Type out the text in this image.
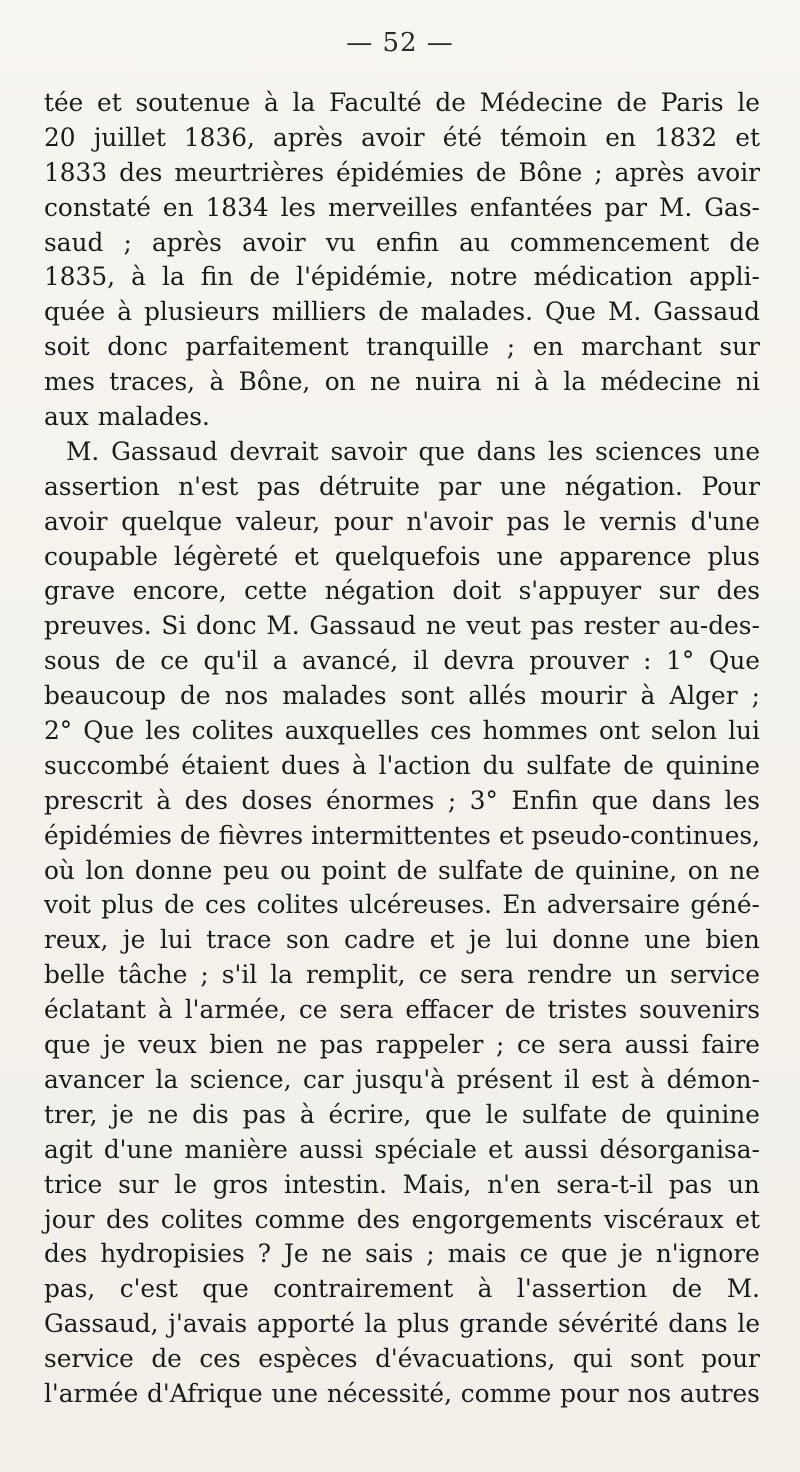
— 52 —
tée et soutenue à la Faculté de Médecine de Paris le
20 juillet 1836, après avoir été témoin en 1832 et
1833 des meurtrières épidémies de Bône ; après avoir
constaté en 1834 les merveilles enfantées par M. Gas-
saud ; après avoir vu enfin au commencement de
1835, à la fin de l'épidémie, notre médication appli-
quée à plusieurs milliers de malades. Que M. Gassaud
soit donc parfaitement tranquille ; en marchant sur
mes traces, à Bône, on ne nuira ni à la médecine ni
aux malades.
M. Gassaud devrait savoir que dans les sciences une
assertion n'est pas détruite par une négation. Pour
avoir quelque valeur, pour n'avoir pas le vernis d'une
coupable légèreté et quelquefois une apparence plus
grave encore, cette négation doit s'appuyer sur des
preuves. Si donc M. Gassaud ne veut pas rester au-des-
sous de ce qu'il a avancé, il devra prouver : 1° Que
beaucoup de nos malades sont allés mourir à Alger ;
2° Que les colites auxquelles ces hommes ont selon lui
succombé étaient dues à l'action du sulfate de quinine
prescrit à des doses énormes ; 3° Enfin que dans les
épidémies de fièvres intermittentes et pseudo-continues,
où lon donne peu ou point de sulfate de quinine, on ne
voit plus de ces colites ulcéreuses. En adversaire géné-
reux, je lui trace son cadre et je lui donne une bien
belle tâche ; s'il la remplit, ce sera rendre un service
éclatant à l'armée, ce sera effacer de tristes souvenirs
que je veux bien ne pas rappeler ; ce sera aussi faire
avancer la science, car jusqu'à présent il est à démon-
trer, je ne dis pas à écrire, que le sulfate de quinine
agit d'une manière aussi spéciale et aussi désorganisa-
trice sur le gros intestin. Mais, n'en sera-t-il pas un
jour des colites comme des engorgements viscéraux et
des hydropisies ? Je ne sais ; mais ce que je n'ignore
pas, c'est que contrairement à l'assertion de M.
Gassaud, j'avais apporté la plus grande sévérité dans le
service de ces espèces d'évacuations, qui sont pour
l'armée d'Afrique une nécessité, comme pour nos autres
